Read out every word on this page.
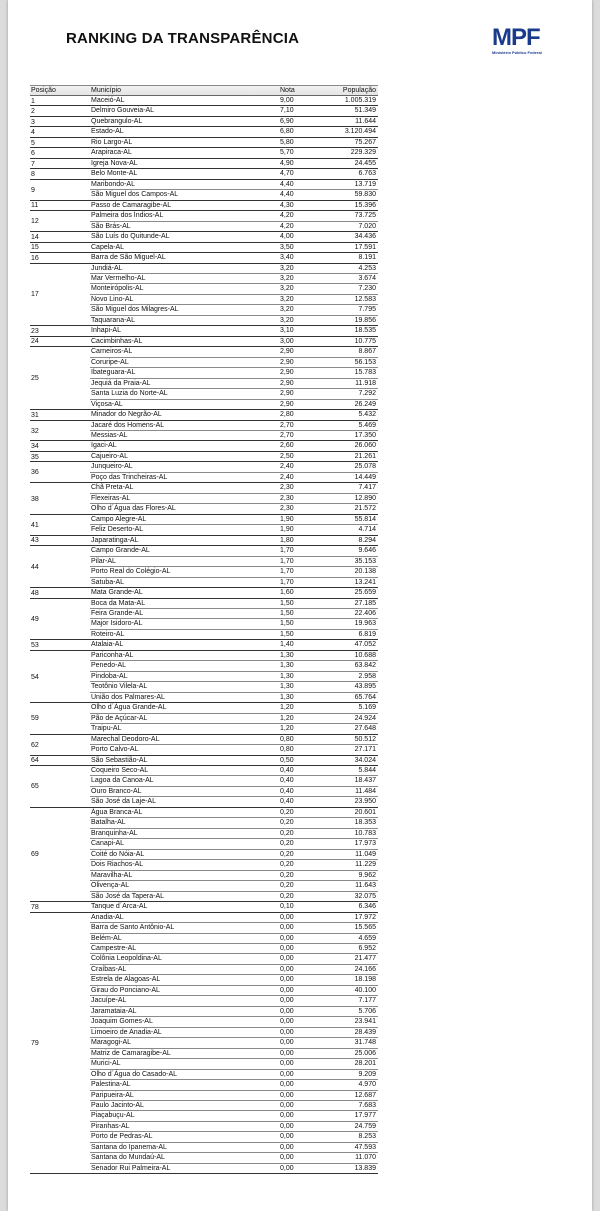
RANKING DA TRANSPARÊNCIA	MPF
Ministério Público Federal
Posição	Município	Nota	População
1	Maceió-AL	9,00	1.005.319
2	Delmiro Gouveia-AL	7,10	51.349
3	Quebrangulo-AL	6,90	11.644
4	Estado-AL	6,80	3.120.494
5	Rio Largo-AL	5,80	75.267
6	Arapiraca-AL	5,70	229.329
7	Igreja Nova-AL	4,90	24.455
8	Belo Monte-AL	4,70	6.763
9
Maribondo-AL	4,40	13.719
São Miguel dos Campos-AL	4,40	59.830
11	Passo de Camaragibe-AL	4,30	15.396
12
Palmeira dos Índios-AL	4,20	73.725
São Brás-AL	4,20	7.020
14	São Luís do Quitunde-AL	4,00	34.436
15	Capela-AL	3,50	17.591
16	Barra de São Miguel-AL	3,40	8.191
17
Jundiá-AL	3,20	4.253
Mar Vermelho-AL	3,20	3.674
Monteirópolis-AL	3,20	7.230
Novo Lino-AL	3,20	12.583
São Miguel dos Milagres-AL	3,20	7.795
Taquarana-AL	3,20	19.856
23	Inhapi-AL	3,10	18.535
24	Cacimbinhas-AL	3,00	10.775
25
Carneiros-AL	2,90	8.867
Coruripe-AL	2,90	56.153
Ibateguara-AL	2,90	15.783
Jequiá da Praia-AL	2,90	11.918
Santa Luzia do Norte-AL	2,90	7.292
Viçosa-AL	2,90	26.249
31	Minador do Negrão-AL	2,80	5.432
32
Jacaré dos Homens-AL	2,70	5.469
Messias-AL	2,70	17.350
34	Igaci-AL	2,60	26.060
35	Cajueiro-AL	2,50	21.261
36
Junqueiro-AL	2,40	25.078
Poço das Trincheiras-AL	2,40	14.449
38
Chã Preta-AL	2,30	7.417
Flexeiras-AL	2,30	12.890
Olho d´Água das Flores-AL	2,30	21.572
41
Campo Alegre-AL	1,90	55.814
Feliz Deserto-AL	1,90	4.714
43	Japaratinga-AL	1,80	8.294
44
Campo Grande-AL	1,70	9.646
Pilar-AL	1,70	35.153
Porto Real do Colégio-AL	1,70	20.138
Satuba-AL	1,70	13.241
48	Mata Grande-AL	1,60	25.659
49
Boca da Mata-AL	1,50	27.185
Feira Grande-AL	1,50	22.406
Major Isidoro-AL	1,50	19.963
Roteiro-AL	1,50	6.819
53	Atalaia-AL	1,40	47.052
54
Pariconha-AL	1,30	10.688
Penedo-AL	1,30	63.842
Pindoba-AL	1,30	2.958
Teotônio Vilela-AL	1,30	43.895
União dos Palmares-AL	1,30	65.764
59
Olho d´Água Grande-AL	1,20	5.169
Pão de Açúcar-AL	1,20	24.924
Traipu-AL	1,20	27.648
62
Marechal Deodoro-AL	0,80	50.512
Porto Calvo-AL	0,80	27.171
64	São Sebastião-AL	0,50	34.024
65
Coqueiro Seco-AL	0,40	5.844
Lagoa da Canoa-AL	0,40	18.437
Ouro Branco-AL	0,40	11.484
São José da Laje-AL	0,40	23.950
69
Água Branca-AL	0,20	20.601
Batalha-AL	0,20	18.353
Branquinha-AL	0,20	10.783
Canapi-AL	0,20	17.973
Coité do Nóia-AL	0,20	11.049
Dois Riachos-AL	0,20	11.229
Maravilha-AL	0,20	9.962
Olivença-AL	0,20	11.643
São José da Tapera-AL	0,20	32.075
78	Tanque d´Arca-AL	0,10	6.346
79
Anadia-AL	0,00	17.972
Barra de Santo Antônio-AL	0,00	15.565
Belém-AL	0,00	4.659
Campestre-AL	0,00	6.952
Colônia Leopoldina-AL	0,00	21.477
Craíbas-AL	0,00	24.166
Estrela de Alagoas-AL	0,00	18.198
Girau do Ponciano-AL	0,00	40.100
Jacuípe-AL	0,00	7.177
Jaramataia-AL	0,00	5.706
Joaquim Gomes-AL	0,00	23.941
Limoeiro de Anadia-AL	0,00	28.439
Maragogi-AL	0,00	31.748
Matriz de Camaragibe-AL	0,00	25.006
Murici-AL	0,00	28.201
Olho d´Água do Casado-AL	0,00	9.209
Palestina-AL	0,00	4.970
Paripueira-AL	0,00	12.687
Paulo Jacinto-AL	0,00	7.683
Piaçabuçu-AL	0,00	17.977
Piranhas-AL	0,00	24.759
Porto de Pedras-AL	0,00	8.253
Santana do Ipanema-AL	0,00	47.593
Santana do Mundaú-AL	0,00	11.070
Senador Rui Palmeira-AL	0,00	13.839
